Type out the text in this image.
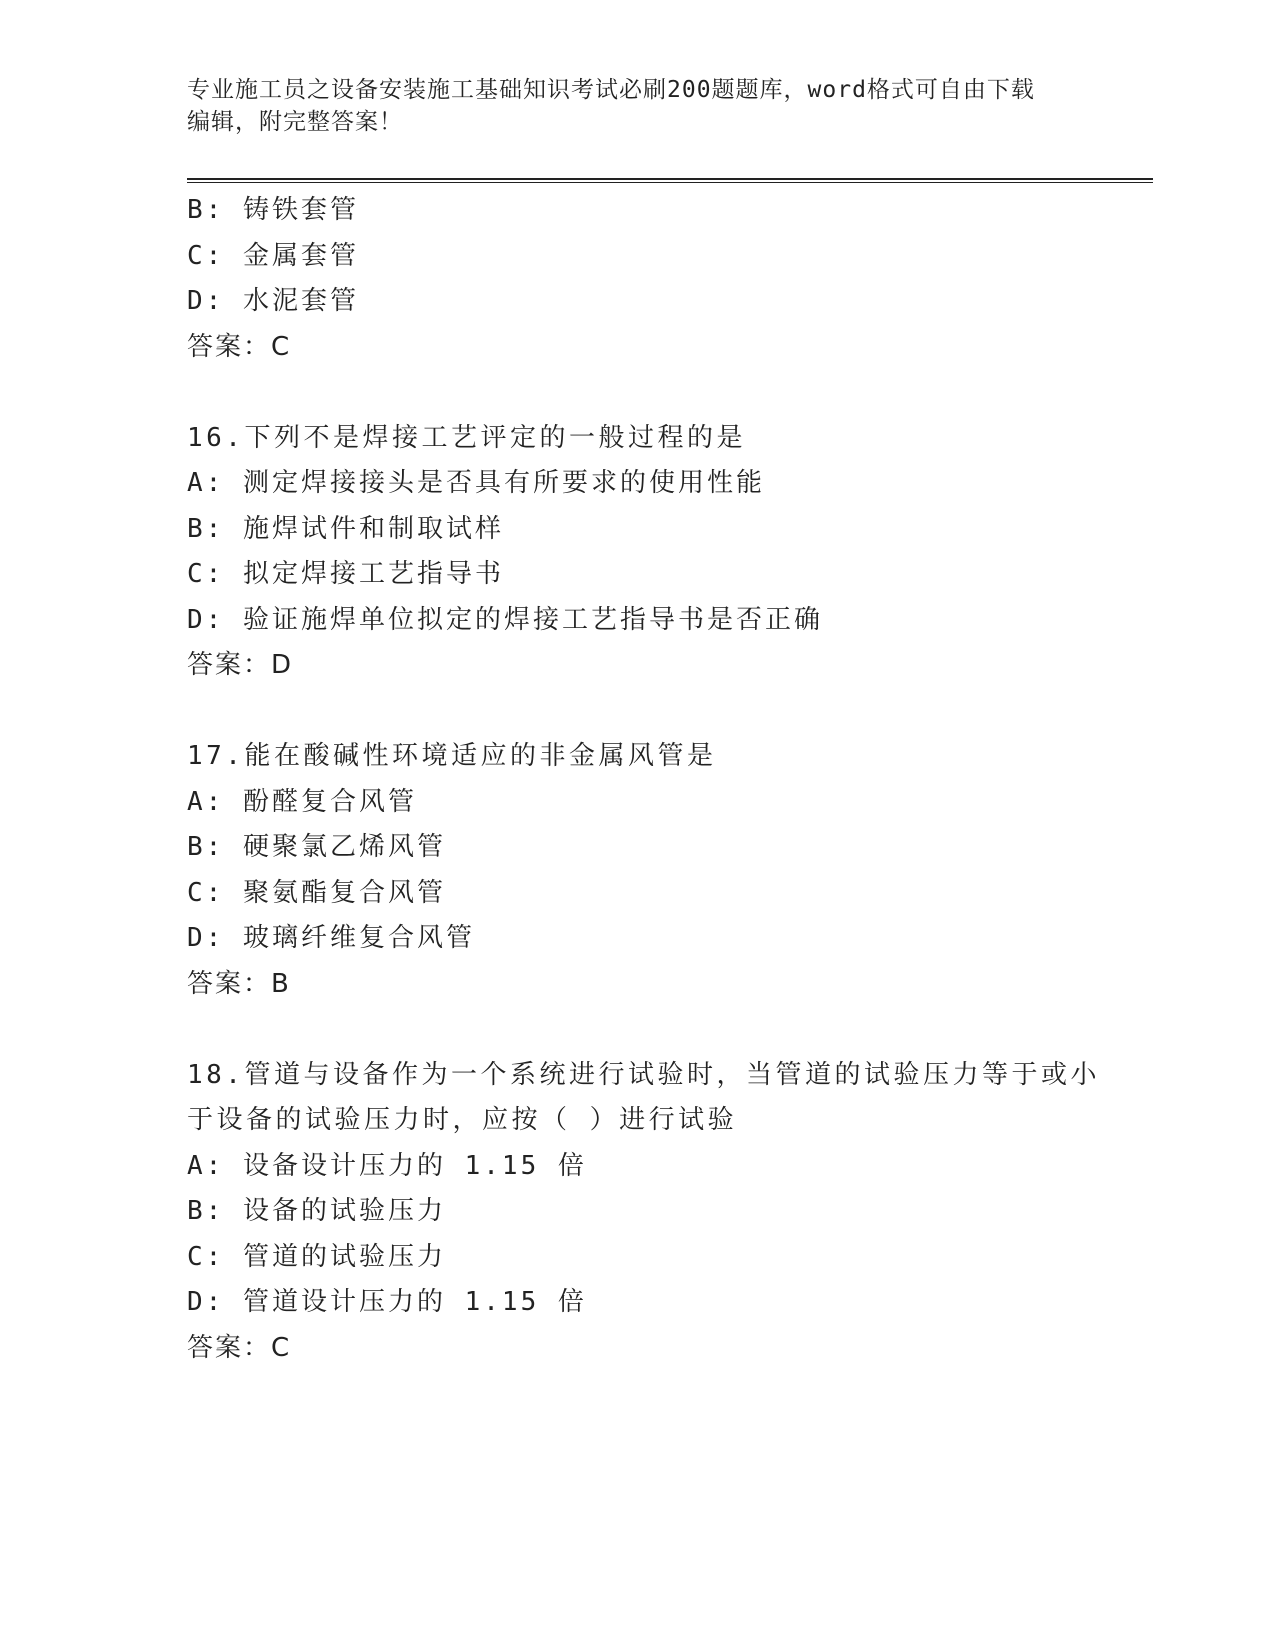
专业施工员之设备安装施工基础知识考试必刷200题题库，word格式可自由下载
编辑，附完整答案！
B: 铸铁套管
C: 金属套管
D: 水泥套管
答案：C
16.下列不是焊接工艺评定的一般过程的是
A: 测定焊接接头是否具有所要求的使用性能
B: 施焊试件和制取试样
C: 拟定焊接工艺指导书
D: 验证施焊单位拟定的焊接工艺指导书是否正确
答案：D
17.能在酸碱性环境适应的非金属风管是
A: 酚醛复合风管
B: 硬聚氯乙烯风管
C: 聚氨酯复合风管
D: 玻璃纤维复合风管
答案：B
18.管道与设备作为一个系统进行试验时，当管道的试验压力等于或小
于设备的试验压力时，应按（ ）进行试验
A: 设备设计压力的 1.15 倍
B: 设备的试验压力
C: 管道的试验压力
D: 管道设计压力的 1.15 倍
答案：C
